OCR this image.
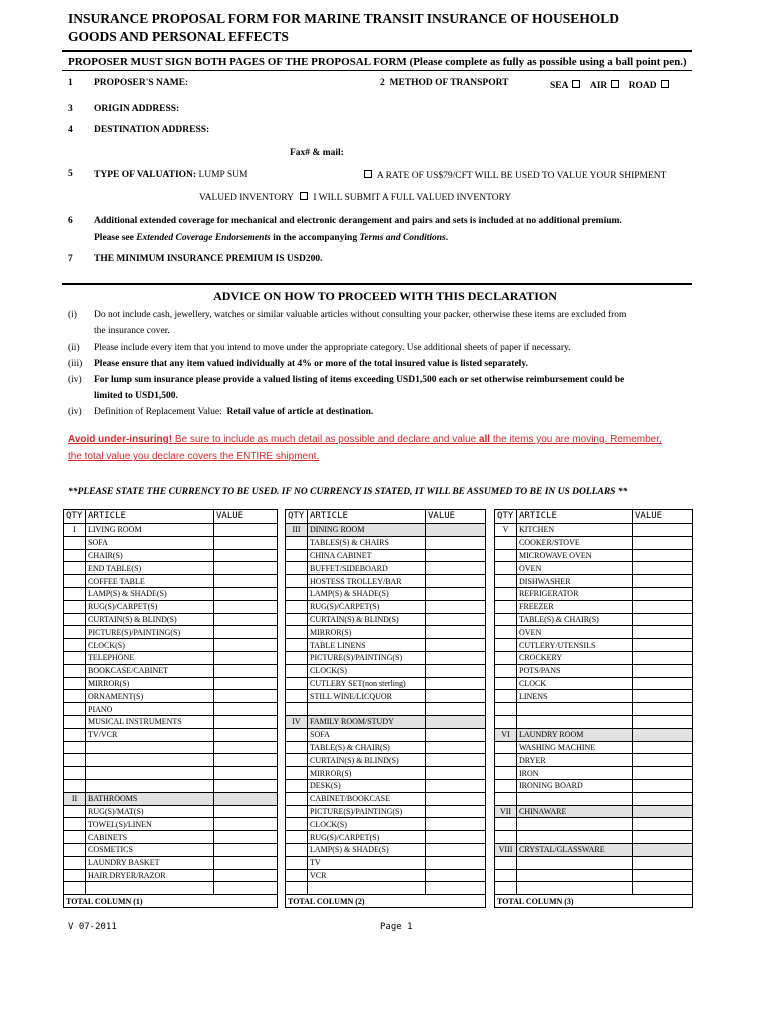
INSURANCE PROPOSAL FORM FOR MARINE TRANSIT INSURANCE OF HOUSEHOLD GOODS AND PERSONAL EFFECTS
PROPOSER MUST SIGN BOTH PAGES OF THE PROPOSAL FORM (Please complete as fully as possible using a ball point pen.)
1 PROPOSER'S NAME:	2 METHOD OF TRANSPORT	SEA AIR ROAD
3 ORIGIN ADDRESS:
4 DESTINATION ADDRESS:
Fax# & mail:
5 TYPE OF VALUATION: LUMP SUM	A RATE OF US$79/CFT WILL BE USED TO VALUE YOUR SHIPMENT
VALUED INVENTORY I WILL SUBMIT A FULL VALUED INVENTORY
6 Additional extended coverage for mechanical and electronic derangement and pairs and sets is included at no additional premium.
Please see Extended Coverage Endorsements in the accompanying Terms and Conditions.
7 THE MINIMUM INSURANCE PREMIUM IS USD200.
ADVICE ON HOW TO PROCEED WITH THIS DECLARATION
(i) Do not include cash, jewellery, watches or similar valuable articles without consulting your packer, otherwise these items are excluded from
the insurance cover.
(ii) Please include every item that you intend to move under the appropriate category. Use additional sheets of paper if necessary.
(iii) Please ensure that any item valued individually at 4% or more of the total insured value is listed separately.
(iv) For lump sum insurance please provide a valued listing of items exceeding USD1,500 each or set otherwise reimbursement could be
limited to USD1,500.
(iv) Definition of Replacement Value: Retail value of article at destination.
Avoid under-insuring! Be sure to include as much detail as possible and declare and value all the items you are moving. Remember,
the total value you declare covers the ENTIRE shipment.
**PLEASE STATE THE CURRENCY TO BE USED. IF NO CURRENCY IS STATED, IT WILL BE ASSUMED TO BE IN US DOLLARS **
QTY	ARTICLE	VALUE
I	LIVING ROOM	
	SOFA	
	CHAIR(S)	
	END TABLE(S)	
	COFFEE TABLE	
	LAMP(S) & SHADE(S)	
	RUG(S)/CARPET(S)	
	CURTAIN(S) & BLIND(S)	
	PICTURE(S)/PAINTING(S)	
	CLOCK(S)	
	TELEPHONE	
	BOOKCASE/CABINET	
	MIRROR(S)	
	ORNAMENT(S)	
	PIANO	
	MUSICAL INSTRUMENTS	
	TV/VCR	

II	BATHROOMS	
	RUG(S)/MAT(S)	
	TOWEL(S)/LINEN	
	CABINETS	
	COSMETICS	
	LAUNDRY BASKET	
	HAIR DRYER/RAZOR	

TOTAL COLUMN (1)		
QTY	ARTICLE	VALUE
III	DINING ROOM	
	TABLES(S) & CHAIRS	
	CHINA CABINET	
	BUFFET/SIDEBOARD	
	HOSTESS TROLLEY/BAR	
	LAMP(S) & SHADE(S)	
	RUG(S)/CARPET(S)	
	CURTAIN(S) & BLIND(S)	
	MIRROR(S)	
	TABLE LINENS	
	PICTURE(S)/PAINTING(S)	
	CLOCK(S)	
	CUTLERY SET(non sterling)	
	STILL WINE/LICQUOR	

IV	FAMILY ROOM/STUDY	
	SOFA	
	TABLE(S) & CHAIR(S)	
	CURTAIN(S) & BLIND(S)	
	MIRROR(S)	
	DESK(S)	
	CABINET/BOOKCASE	
	PICTURE(S)/PAINTING(S)	
	CLOCK(S)	
	RUG(S)/CARPET(S)	
	LAMP(S) & SHADE(S)	
	TV	
	VCR	

TOTAL COLUMN (2)		
QTY	ARTICLE	VALUE
V	KITCHEN	
	COOKER/STOVE	
	MICROWAVE OVEN	
	OVEN	
	DISHWASHER	
	REFRIGERATOR	
	FREEZER	
	TABLE(S) & CHAIR(S)	
	OVEN	
	CUTLERY/UTENSILS	
	CROCKERY	
	POTS/PANS	
	CLOCK	
	LINENS	

VI	LAUNDRY ROOM	
	WASHING MACHINE	
	DRYER	
	IRON	
	IRONING BOARD	

VII	CHINAWARE	

VIII	CRYSTAL/GLASSWARE	

TOTAL COLUMN (3)		
V 07-2011	Page 1
